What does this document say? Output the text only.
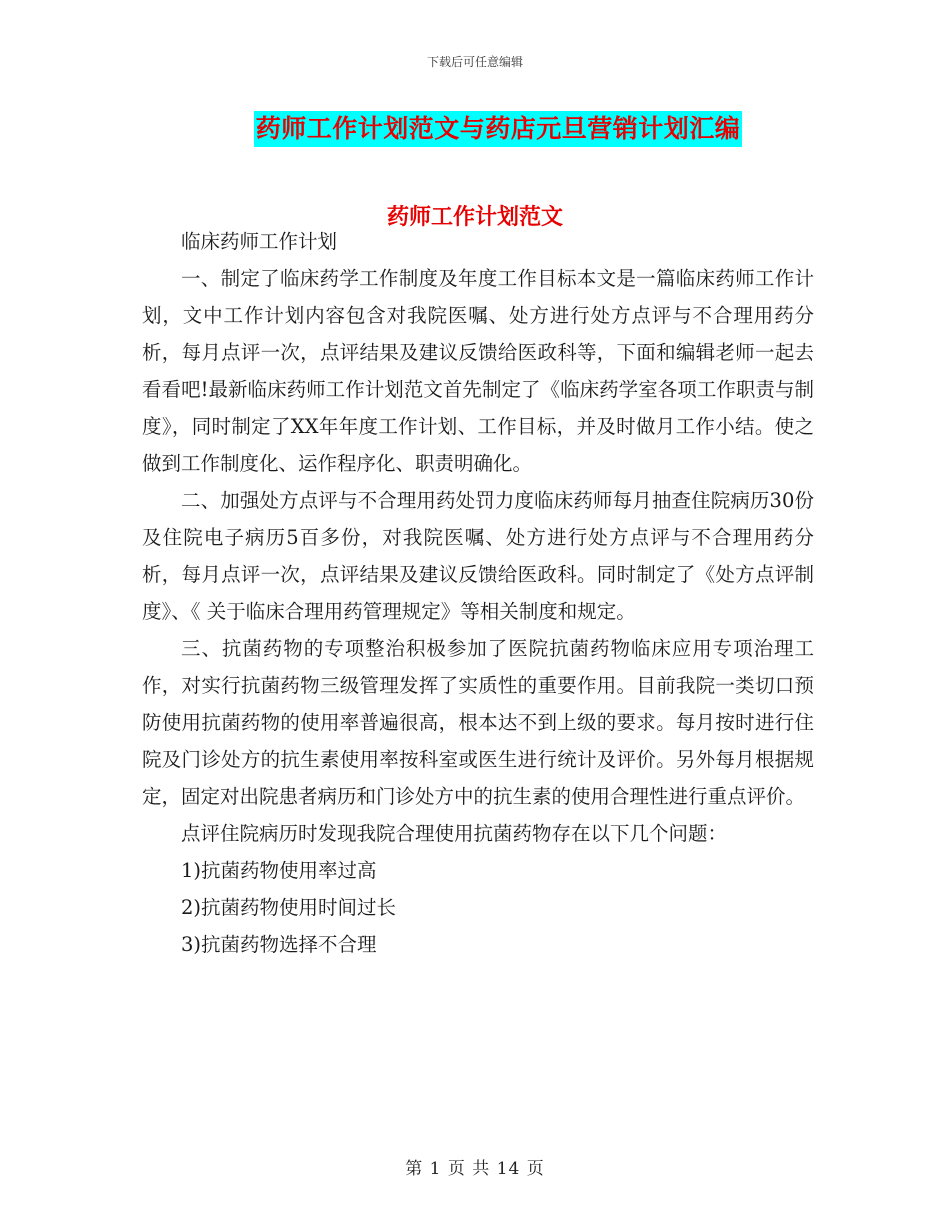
下载后可任意编辑
药师工作计划范文与药店元旦营销计划汇编
药师工作计划范文

临床药师工作计划

一、制定了临床药学工作制度及年度工作目标本文是一篇临床药师工作计划，文中工作计划内容包含对我院医嘱、处方进行处方点评与不合理用药分析，每月点评一次，点评结果及建议反馈给医政科等，下面和编辑老师一起去看看吧!最新临床药师工作计划范文首先制定了《临床药学室各项工作职责与制度》，同时制定了XX年年度工作计划、工作目标，并及时做月工作小结。使之做到工作制度化、运作程序化、职责明确化。

二、加强处方点评与不合理用药处罚力度临床药师每月抽查住院病历30份及住院电子病历5百多份，对我院医嘱、处方进行处方点评与不合理用药分析，每月点评一次，点评结果及建议反馈给医政科。同时制定了《处方点评制度》、《 关于临床合理用药管理规定》等相关制度和规定。

三、抗菌药物的专项整治积极参加了医院抗菌药物临床应用专项治理工作，对实行抗菌药物三级管理发挥了实质性的重要作用。目前我院一类切口预防使用抗菌药物的使用率普遍很高，根本达不到上级的要求。每月按时进行住院及门诊处方的抗生素使用率按科室或医生进行统计及评价。另外每月根据规定，固定对出院患者病历和门诊处方中的抗生素的使用合理性进行重点评价。

点评住院病历时发现我院合理使用抗菌药物存在以下几个问题：

1)抗菌药物使用率过高

2)抗菌药物使用时间过长

3)抗菌药物选择不合理

第 1 页 共 14 页
